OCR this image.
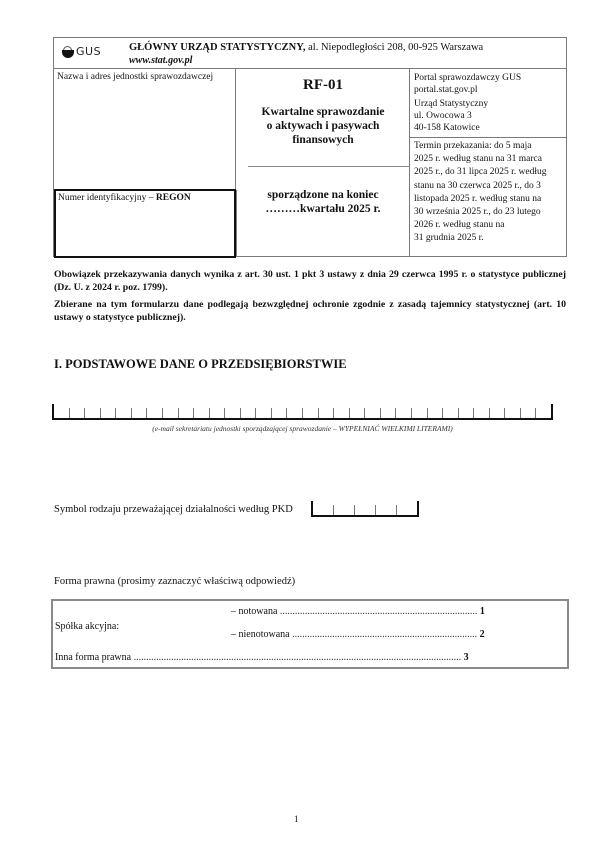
GUS	GŁÓWNY URZĄD STATYSTYCZNY, al. Niepodległości 208, 00-925 Warszawa
www.stat.gov.pl
Nazwa i adres jednostki sprawozdawczej
Numer identyfikacyjny – REGON
RF-01
Kwartalne sprawozdanie
o aktywach i pasywach
finansowych
sporządzone na koniec
………kwartału 2025 r.
Portal sprawozdawczy GUS
portal.stat.gov.pl
Urząd Statystyczny
ul. Owocowa 3
40-158 Katowice
Termin przekazania: do 5 maja
2025 r. według stanu na 31 marca
2025 r., do 31 lipca 2025 r. według
stanu na 30 czerwca 2025 r., do 3
listopada 2025 r. według stanu na
30 września 2025 r., do 23 lutego
2026 r. według stanu na
31 grudnia 2025 r.

Obowiązek przekazywania danych wynika z art. 30 ust. 1 pkt 3 ustawy z dnia 29 czerwca 1995 r. o statystyce publicznej (Dz. U. z 2024 r. poz. 1799).

Zbierane na tym formularzu dane podlegają bezwzględnej ochronie zgodnie z zasadą tajemnicy statystycznej (art. 10 ustawy o statystyce publicznej).

I. PODSTAWOWE DANE O PRZEDSIĘBIORSTWIE
(e-mail sekretariatu jednostki sporządzającej sprawozdanie – WYPEŁNIAĆ WIELKIMI LITERAMI)
Symbol rodzaju przeważającej działalności według PKD
Forma prawna (prosimy zaznaczyć właściwą odpowiedź)
– notowana ............................................................................... 1
Spółka akcyjna:
– nienotowana .......................................................................... 2
Inna forma prawna ................................................................................................................................... 3
1
